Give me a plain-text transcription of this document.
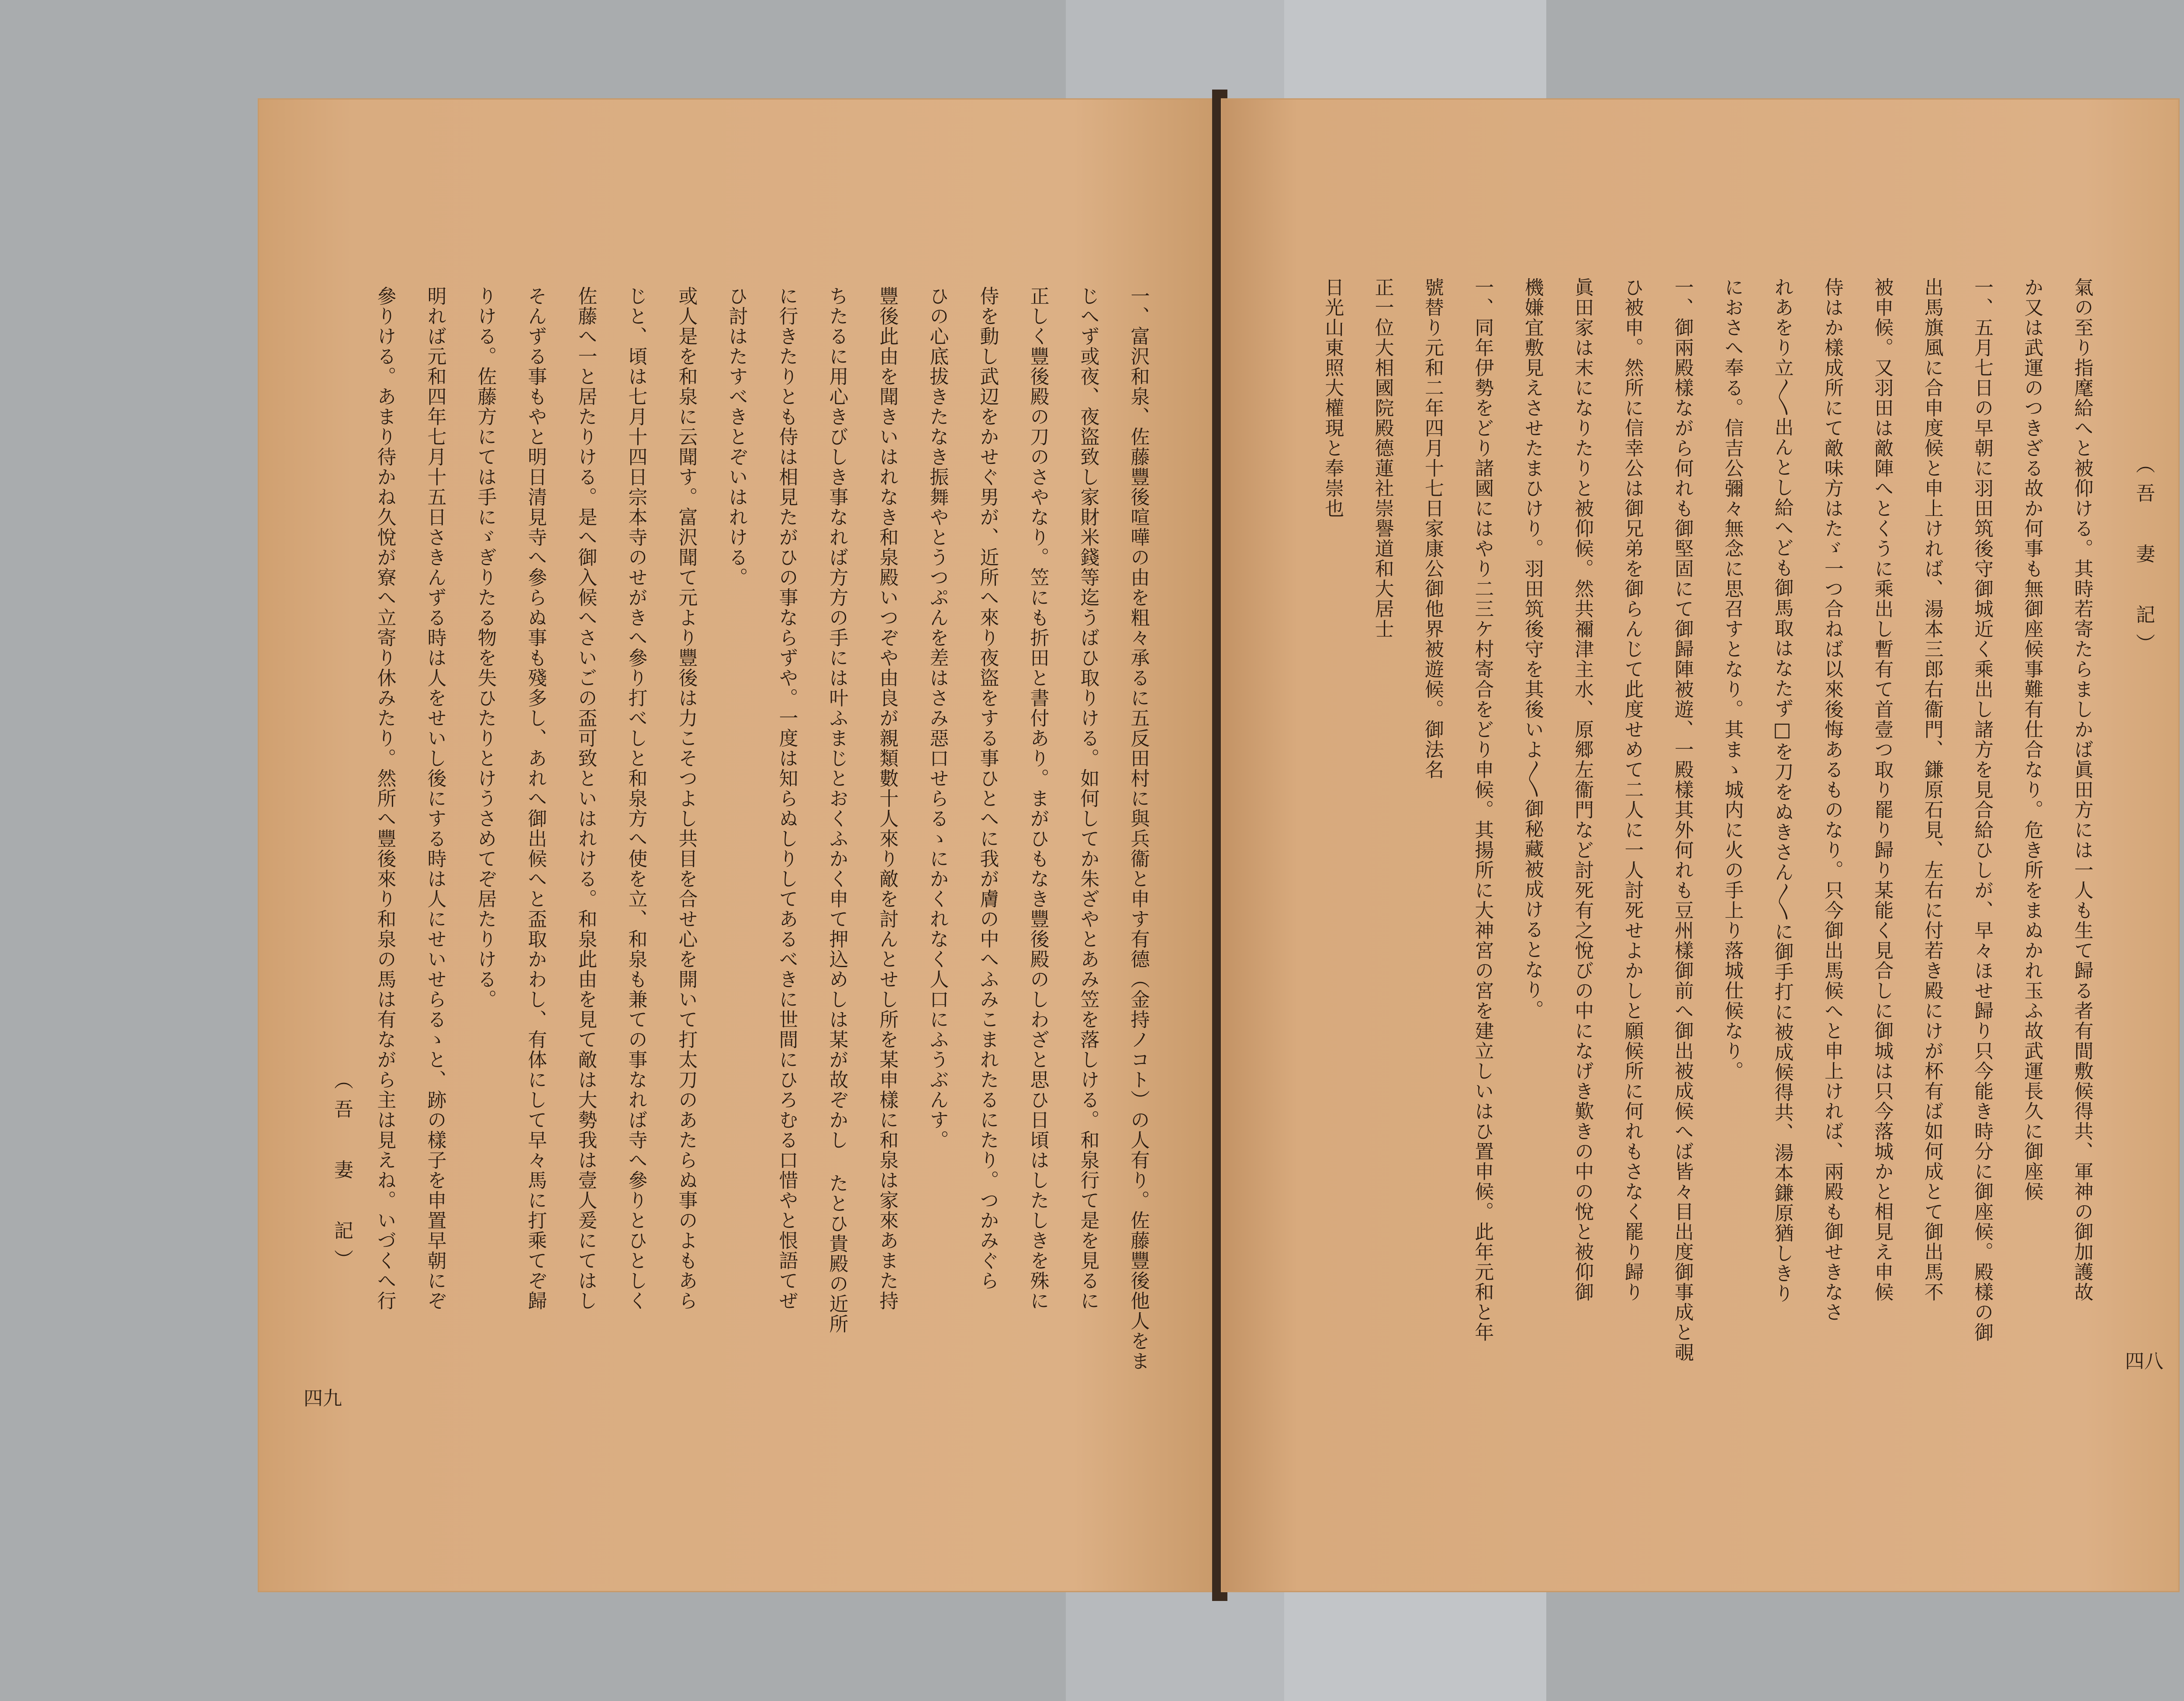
一、富沢和泉、佐藤豐後喧嘩の由を粗々承るに五反田村に與兵衞と申す有德（金持ノコト）の人有り。佐藤豐後他人をま
じへず或夜、夜盜致し家財米錢等迄うばひ取りける。如何してか朱ざやとあみ笠を落しける。和泉行て是を見るに
正しく豐後殿の刀のさやなり。笠にも折田と書付あり。まがひもなき豐後殿のしわざと思ひ日頃はしたしきを殊に
侍を動し武辺をかせぐ男が、近所へ來り夜盜をする事ひとへに我が膚の中へふみこまれたるにたり。つかみぐら
ひの心底拔きたなき振舞やとうつぷんを差はさみ惡口せらるゝにかくれなく人口にふうぶんす。
豐後此由を聞きいはれなき和泉殿いつぞや由良が親類數十人來り敵を討んとせし所を某申樣に和泉は家來あまた持
ちたるに用心きびしき事なれば方方の手には叶ふまじとおくふかく申て押込めしは某が故ぞかし たとひ貴殿の近所
に行きたりとも侍は相見たがひの事ならずや。一度は知らぬしりしてあるべきに世間にひろむる口惜やと恨語てぜ
ひ討はたすべきとぞいはれける。
或人是を和泉に云聞す。富沢聞て元より豐後は力こそつよし共目を合せ心を開いて打太刀のあたらぬ事のよもあら
じと、頃は七月十四日宗本寺のせがきへ參り打べしと和泉方へ使を立、和泉も兼ての事なれば寺へ參りとひとしく
佐藤へ一と居たりける。是へ御入候へさいごの盃可致といはれける。和泉此由を見て敵は大勢我は壹人爰にてはし
そんずる事もやと明日清見寺へ參らぬ事も殘多し、あれへ御出候へと盃取かわし、有体にして早々馬に打乘てぞ歸
りける。佐藤方にては手にゞぎりたる物を失ひたりとけうさめてぞ居たりける。
明れば元和四年七月十五日さきんずる時は人をせいし後にする時は人にせいせらるゝと、跡の樣子を申置早朝にぞ
參りける。あまり待かね久悅が寮へ立寄り休みたり。然所へ豐後來り和泉の馬は有ながら主は見えね。いづくへ行
（吾 妻 記）
四九
（吾 妻 記）
四八
氣の至り指麾給へと被仰ける。其時若寄たらましかば眞田方には一人も生て歸る者有間敷候得共、軍神の御加護故
か又は武運のつきざる故か何事も無御座候事難有仕合なり。危き所をまぬかれ玉ふ故武運長久に御座候
一、五月七日の早朝に羽田筑後守御城近く乘出し諸方を見合給ひしが、早々ほせ歸り只今能き時分に御座候。殿樣の御
出馬旗風に合申度候と申上ければ、湯本三郎右衞門、鎌原石見、左右に付若き殿にけが杯有ば如何成とて御出馬不
被申候。又羽田は敵陣へとくうに乘出し暫有て首壹つ取り罷り歸り某能く見合しに御城は只今落城かと相見え申候
侍はか樣成所にて敵味方はたゞ一つ合ねば以來後悔あるものなり。只今御出馬候へと申上ければ、兩殿も御せきなさ
れあをり立〳〵出んとし給へども御馬取はなたず□を刀をぬきさん〳〵に御手打に被成候得共、湯本鎌原猶しきり
におさへ奉る。信吉公彌々無念に思召すとなり。其まゝ城内に火の手上り落城仕候なり。
一、御兩殿樣ながら何れも御堅固にて御歸陣被遊、一殿樣其外何れも豆州樣御前へ御出被成候へば皆々目出度御事成と覗
ひ被申。然所に信幸公は御兄弟を御らんじて此度せめて二人に一人討死せよかしと願候所に何れもさなく罷り歸り
眞田家は末になりたりと被仰候。然共禰津主水、原郷左衞門など討死有之悅びの中になげき歎きの中の悅と被仰御
機嫌宜敷見えさせたまひけり。羽田筑後守を其後いよ〳〵御秘藏被成けるとなり。
一、同年伊勢をどり諸國にはやり二三ケ村寄合をどり申候。其揚所に大神宮の宮を建立しいはひ置申候。此年元和と年
號替り元和二年四月十七日家康公御他界被遊候。御法名
正一位大相國院殿德蓮社崇譽道和大居士
日光山東照大權現と奉崇也
